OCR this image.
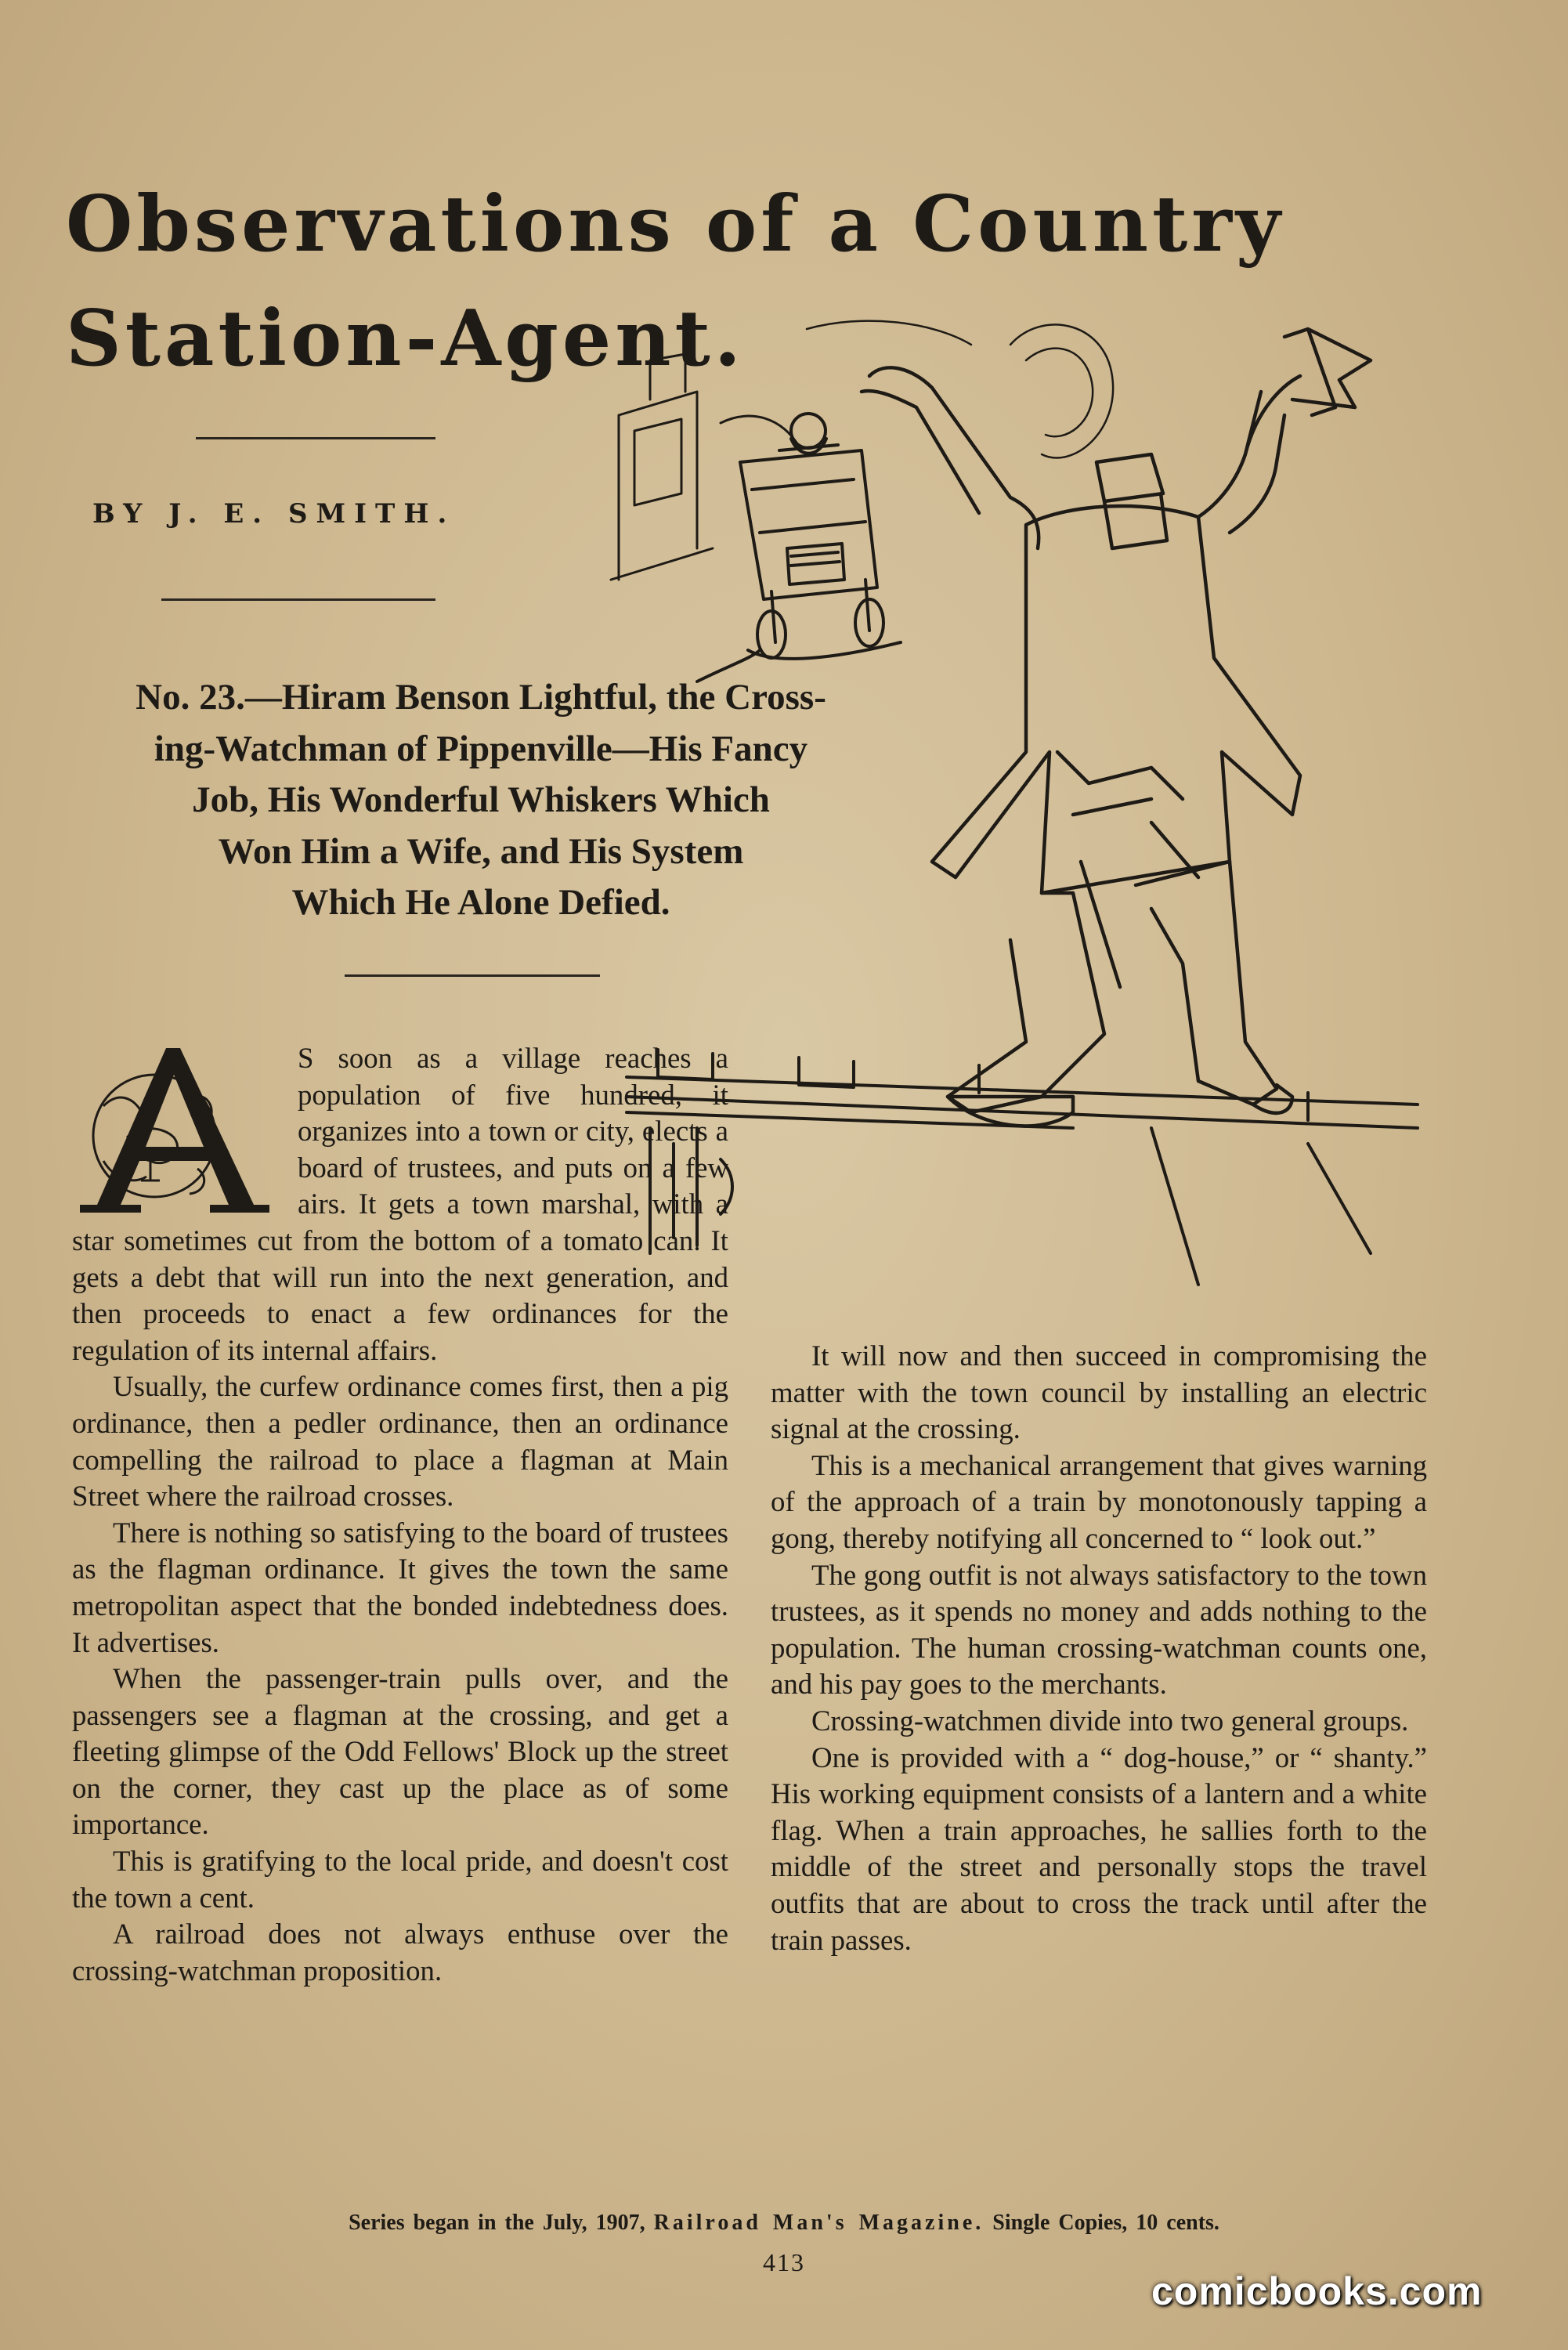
Observations of a Country
Station-Agent.
BY J. E. SMITH.
No. 23.—Hiram Benson Lightful, the Cross-
ing-Watchman of Pippenville—His Fancy
Job, His Wonderful Whiskers Which
Won Him a Wife, and His System
Which He Alone Defied.

S soon as a village reaches a population of five hundred, it organizes into a town or city, elects a board of trustees, and puts on a few airs. It gets a town marshal, with a star sometimes cut from the bottom of a tomato can. It gets a debt that will run into the next generation, and then proceeds to enact a few ordinances for the regulation of its internal affairs.

Usually, the curfew ordinance comes first, then a pig ordinance, then a pedler ordinance, then an ordinance compelling the railroad to place a flagman at Main Street where the railroad crosses.

There is nothing so satisfying to the board of trustees as the flagman ordinance. It gives the town the same metropolitan aspect that the bonded indebtedness does. It advertises.

When the passenger-train pulls over, and the passengers see a flagman at the crossing, and get a fleeting glimpse of the Odd Fellows' Block up the street on the corner, they cast up the place as of some importance.

This is gratifying to the local pride, and doesn't cost the town a cent.

A railroad does not always enthuse over the crossing-watchman proposition.

It will now and then succeed in compromising the matter with the town council by installing an electric signal at the crossing.

This is a mechanical arrangement that gives warning of the approach of a train by monotonously tapping a gong, thereby notifying all concerned to “ look out.”

The gong outfit is not always satisfactory to the town trustees, as it spends no money and adds nothing to the population. The human crossing-watchman counts one, and his pay goes to the merchants.

Crossing-watchmen divide into two general groups.

One is provided with a “ dog-house,” or “ shanty.” His working equipment consists of a lantern and a white flag. When a train approaches, he sallies forth to the middle of the street and personally stops the travel outfits that are about to cross the track until after the train passes.

Series began in the July, 1907, Railroad Man's Magazine. Single Copies, 10 cents.
413
comicbooks.com
